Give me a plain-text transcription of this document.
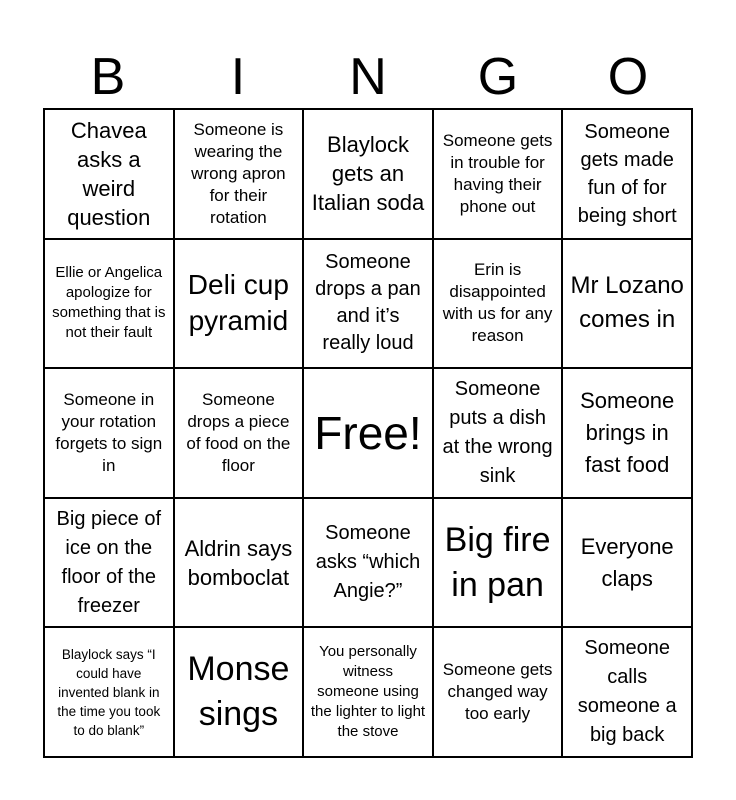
B	I	N	G	O
Chavea asks a weird question
Someone is wearing the wrong apron for their rotation
Blaylock gets an Italian soda
Someone gets in trouble for having their phone out
Someone gets made fun of for being short
Ellie or Angelica apologize for something that is not their fault
Deli cup pyramid
Someone drops a pan and it’s really loud
Erin is disappointed with us for any reason
Mr Lozano comes in
Someone in your rotation forgets to sign in
Someone drops a piece of food on the floor
Free!
Someone puts a dish at the wrong sink
Someone brings in fast food
Big piece of ice on the floor of the freezer
Aldrin says bomboclat
Someone asks “which Angie?”
Big fire in pan
Everyone claps
Blaylock says “I could have invented blank in the time you took to do blank”
Monse sings
You personally witness someone using the lighter to light the stove
Someone gets changed way too early
Someone calls someone a big back
